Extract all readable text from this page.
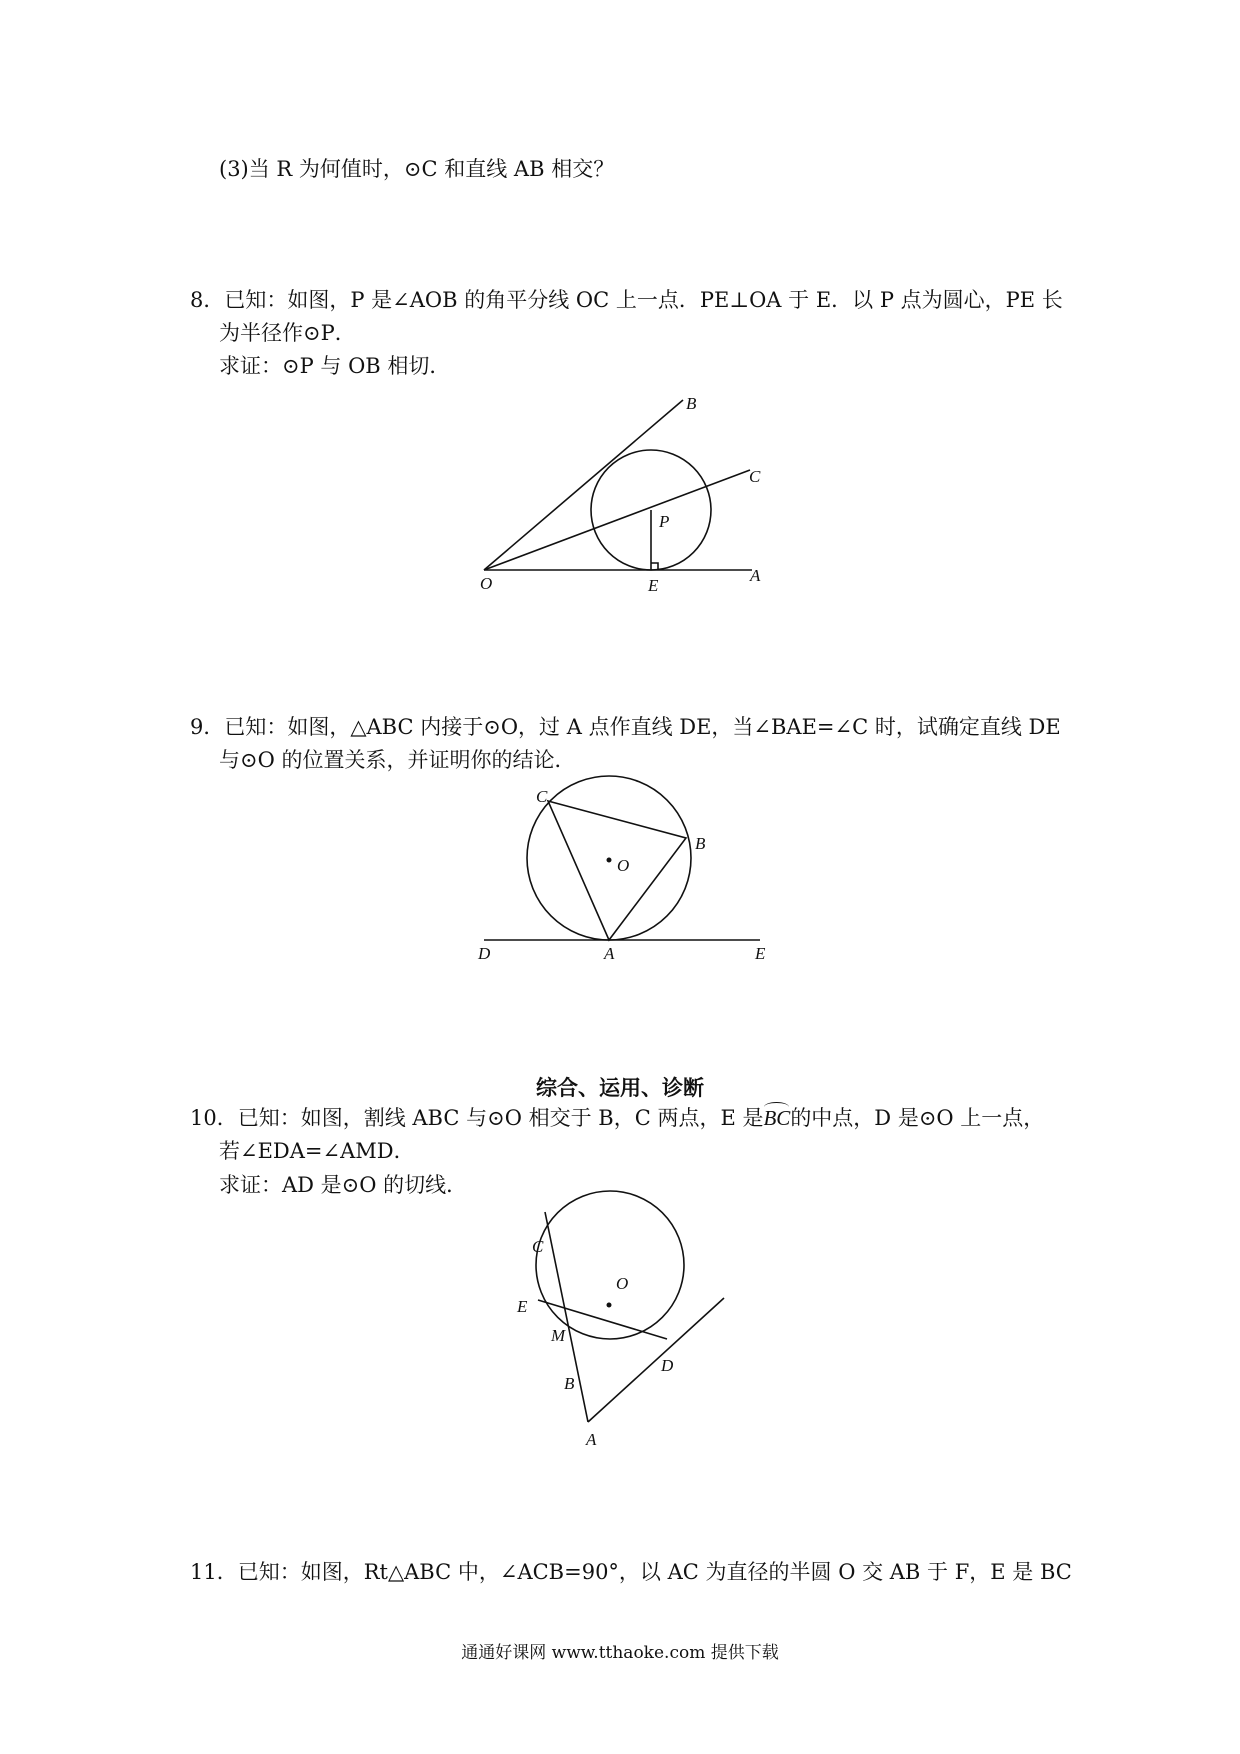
(3)当 R 为何值时，⊙C 和直线 AB 相交？
8．已知：如图，P 是∠AOB 的角平分线 OC 上一点．PE⊥OA 于 E．以 P 点为圆心，PE 长
为半径作⊙P．
求证：⊙P 与 OB 相切．
B
C
P
O	E
A
9．已知：如图，△ABC 内接于⊙O，过 A 点作直线 DE，当∠BAE=∠C 时，试确定直线 DE
与⊙O 的位置关系，并证明你的结论．
C
B
O
D	A	E
综合、运用、诊断
10．已知：如图，割线 ABC 与⊙O 相交于 B，C 两点，E 是
BC的中点，D 是⊙O 上一点，
若∠EDA=∠AMD．
求证：AD 是⊙O 的切线．
C
O
E
M
D
B
A
11．已知：如图，Rt△ABC 中，∠ACB=90°，以 AC 为直径的半圆 O 交 AB 于 F，E 是 BC
通通好课网 www.tthaoke.com 提供下载
